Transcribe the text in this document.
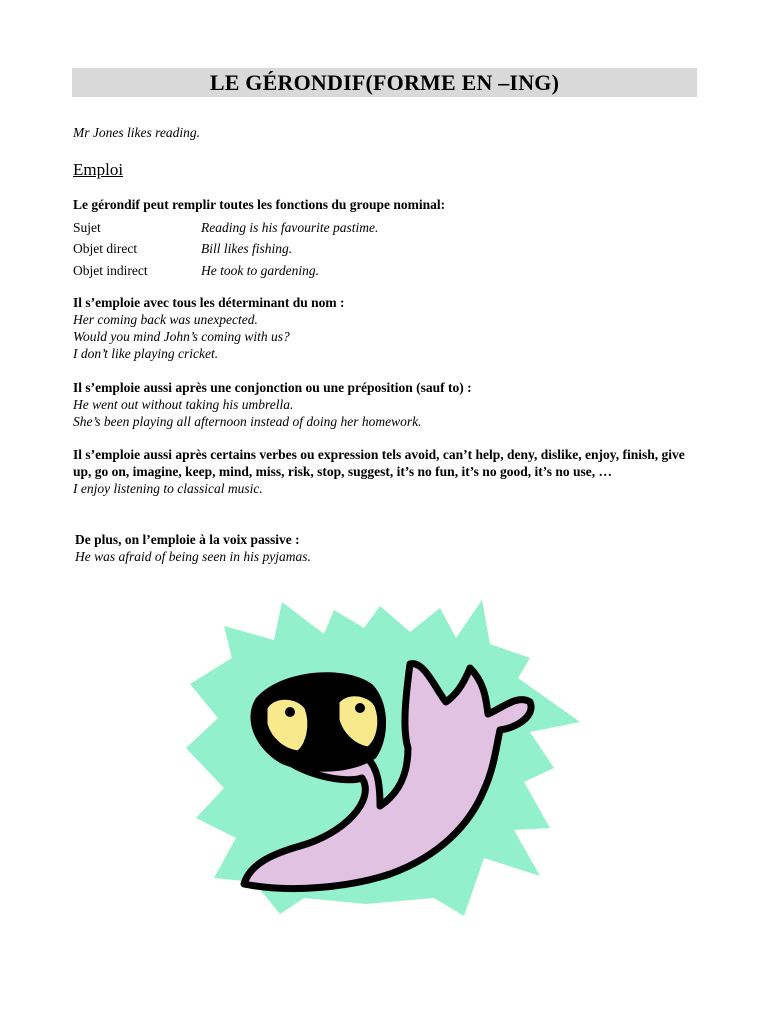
LE GÉRONDIF(FORME EN –ING)
Mr Jones likes reading.
Emploi
Le gérondif peut remplir toutes les fonctions du groupe nominal:
Sujet	Reading is his favourite pastime.
Objet direct	Bill likes fishing.
Objet indirect	He took to gardening.
Il s’emploie avec tous les déterminant du nom :
Her coming back was unexpected.
Would you mind John’s coming with us?
I don’t like playing cricket.
Il s’emploie aussi après une conjonction ou une préposition (sauf to) :
He went out without taking his umbrella.
She’s been playing all afternoon instead of doing her homework.
Il s’emploie aussi après certains verbes ou expression tels avoid, can’t help, deny, dislike, enjoy, finish, give up, go on, imagine, keep, mind, miss, risk, stop, suggest, it’s no fun, it’s no good, it’s no use, …
I enjoy listening to classical music.
De plus, on l’emploie à la voix passive :
He was afraid of being seen in his pyjamas.
